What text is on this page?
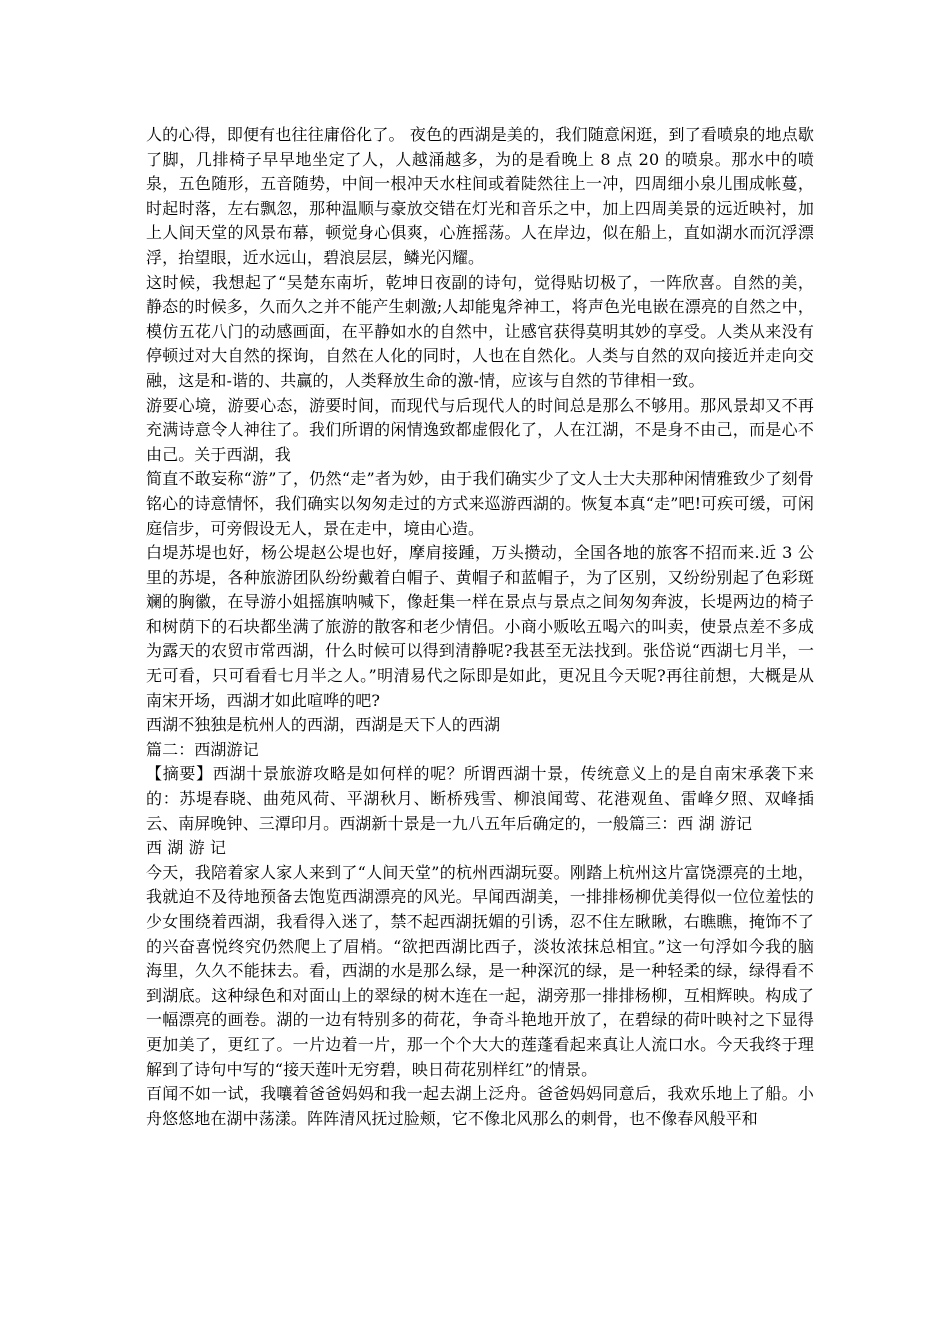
人的心得，即便有也往往庸俗化了。 夜色的西湖是美的，我们随意闲逛，到了看喷泉的地点歇了脚，几排椅子早早地坐定了人，人越涌越多，为的是看晚上 8 点 20 的喷泉。那水中的喷泉，五色随形，五音随势，中间一根冲天水柱间或着陡然往上一冲，四周细小泉儿围成帐蔓，时起时落，左右飘忽，那种温顺与豪放交错在灯光和音乐之中，加上四周美景的远近映衬，加上人间天堂的风景布幕，顿觉身心俱爽，心旌摇荡。人在岸边，似在船上，直如湖水而沉浮漂浮，抬望眼，近水远山，碧浪层层，鳞光闪耀。

这时候，我想起了“吴楚东南圻，乾坤日夜副的诗句，觉得贴切极了，一阵欣喜。自然的美，静态的时候多，久而久之并不能产生刺激;人却能鬼斧神工，将声色光电嵌在漂亮的自然之中，模仿五花八门的动感画面，在平静如水的自然中，让感官获得莫明其妙的享受。人类从来没有停顿过对大自然的探询，自然在人化的同时，人也在自然化。人类与自然的双向接近并走向交融，这是和-谐的、共赢的，人类释放生命的激-情，应该与自然的节律相一致。

游要心境，游要心态，游要时间，而现代与后现代人的时间总是那么不够用。那风景却又不再充满诗意令人神往了。我们所谓的闲情逸致都虚假化了，人在江湖，不是身不由己，而是心不由己。关于西湖，我

简直不敢妄称“游”了，仍然“走”者为妙，由于我们确实少了文人士大夫那种闲情雅致少了刻骨铭心的诗意情怀，我们确实以匆匆走过的方式来巡游西湖的。恢复本真“走”吧!可疾可缓，可闲庭信步，可旁假设无人，景在走中，境由心造。

白堤苏堤也好，杨公堤赵公堤也好，摩肩接踵，万头攒动，全国各地的旅客不招而来.近 3 公里的苏堤，各种旅游团队纷纷戴着白帽子、黄帽子和蓝帽子，为了区别，又纷纷别起了色彩斑斓的胸徽，在导游小姐摇旗呐喊下，像赶集一样在景点与景点之间匆匆奔波，长堤两边的椅子和树荫下的石块都坐满了旅游的散客和老少情侣。小商小贩吆五喝六的叫卖，使景点差不多成为露天的农贸市常西湖，什么时候可以得到清静呢?我甚至无法找到。张岱说“西湖七月半，一无可看，只可看看七月半之人。”明清易代之际即是如此，更况且今天呢?再往前想，大概是从南宋开场，西湖才如此喧哗的吧?

西湖不独独是杭州人的西湖，西湖是天下人的西湖

篇二：西湖游记

【摘要】西湖十景旅游攻略是如何样的呢？所谓西湖十景，传统意义上的是自南宋承袭下来的：苏堤春晓、曲苑风荷、平湖秋月、断桥残雪、柳浪闻莺、花港观鱼、雷峰夕照、双峰插云、南屏晚钟、三潭印月。西湖新十景是一九八五年后确定的，一般篇三：西 湖 游记

西 湖 游 记

今天，我陪着家人家人来到了“人间天堂”的杭州西湖玩耍。刚踏上杭州这片富饶漂亮的土地，我就迫不及待地预备去饱览西湖漂亮的风光。早闻西湖美，一排排杨柳优美得似一位位羞怯的少女围绕着西湖，我看得入迷了，禁不起西湖抚媚的引诱，忍不住左瞅瞅，右瞧瞧，掩饰不了的兴奋喜悦终究仍然爬上了眉梢。“欲把西湖比西子，淡妆浓抹总相宜。”这一句浮如今我的脑海里，久久不能抹去。看，西湖的水是那么绿，是一种深沉的绿，是一种轻柔的绿，绿得看不到湖底。这种绿色和对面山上的翠绿的树木连在一起，湖旁那一排排杨柳，互相辉映。构成了一幅漂亮的画卷。湖的一边有特别多的荷花，争奇斗艳地开放了，在碧绿的荷叶映衬之下显得更加美了，更红了。一片边着一片，那一个个大大的莲蓬看起来真让人流口水。今天我终于理解到了诗句中写的“接天莲叶无穷碧，映日荷花别样红”的情景。

百闻不如一试，我嚷着爸爸妈妈和我一起去湖上泛舟。爸爸妈妈同意后，我欢乐地上了船。小舟悠悠地在湖中荡漾。阵阵清风抚过脸颊，它不像北风那么的刺骨，也不像春风般平和
